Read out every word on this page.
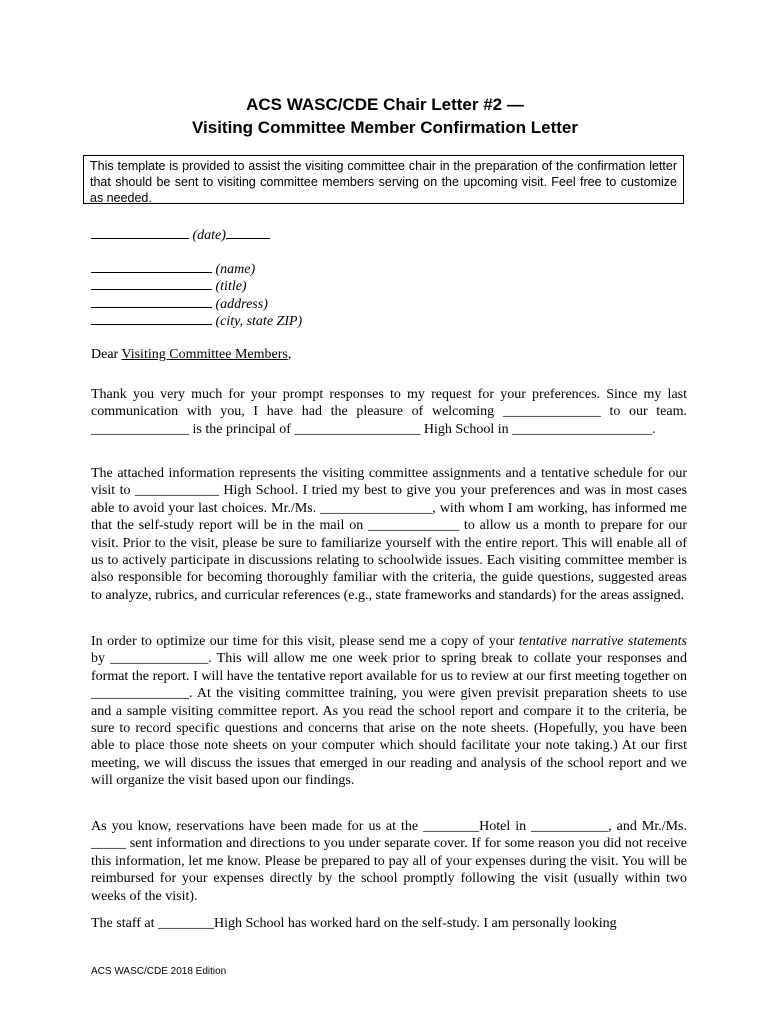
ACS WASC/CDE Chair Letter #2 —
Visiting Committee Member Confirmation Letter
This template is provided to assist the visiting committee chair in the preparation of the confirmation letter that should be sent to visiting committee members serving on the upcoming visit. Feel free to customize as needed.
(date)
(name)
(title)
(address)
(city, state ZIP)
Dear Visiting Committee Members,

Thank you very much for your prompt responses to my request for your preferences. Since my last communication with you, I have had the pleasure of welcoming ______________ to our team. ______________ is the principal of __________________ High School in ____________________.

The attached information represents the visiting committee assignments and a tentative schedule for our visit to ____________ High School. I tried my best to give you your preferences and was in most cases able to avoid your last choices. Mr./Ms. ________________, with whom I am working, has informed me that the self-study report will be in the mail on _____________ to allow us a month to prepare for our visit. Prior to the visit, please be sure to familiarize yourself with the entire report. This will enable all of us to actively participate in discussions relating to schoolwide issues. Each visiting committee member is also responsible for becoming thoroughly familiar with the criteria, the guide questions, suggested areas to analyze, rubrics, and curricular references (e.g., state frameworks and standards) for the areas assigned.

In order to optimize our time for this visit, please send me a copy of your tentative narrative statements by ______________. This will allow me one week prior to spring break to collate your responses and format the report. I will have the tentative report available for us to review at our first meeting together on ______________. At the visiting committee training, you were given previsit preparation sheets to use and a sample visiting committee report. As you read the school report and compare it to the criteria, be sure to record specific questions and concerns that arise on the note sheets. (Hopefully, you have been able to place those note sheets on your computer which should facilitate your note taking.) At our first meeting, we will discuss the issues that emerged in our reading and analysis of the school report and we will organize the visit based upon our findings.

As you know, reservations have been made for us at the ________Hotel in ___________, and Mr./Ms. _____ sent information and directions to you under separate cover. If for some reason you did not receive this information, let me know. Please be prepared to pay all of your expenses during the visit. You will be reimbursed for your expenses directly by the school promptly following the visit (usually within two weeks of the visit).

The staff at ________High School has worked hard on the self-study. I am personally looking

ACS WASC/CDE 2018 Edition
